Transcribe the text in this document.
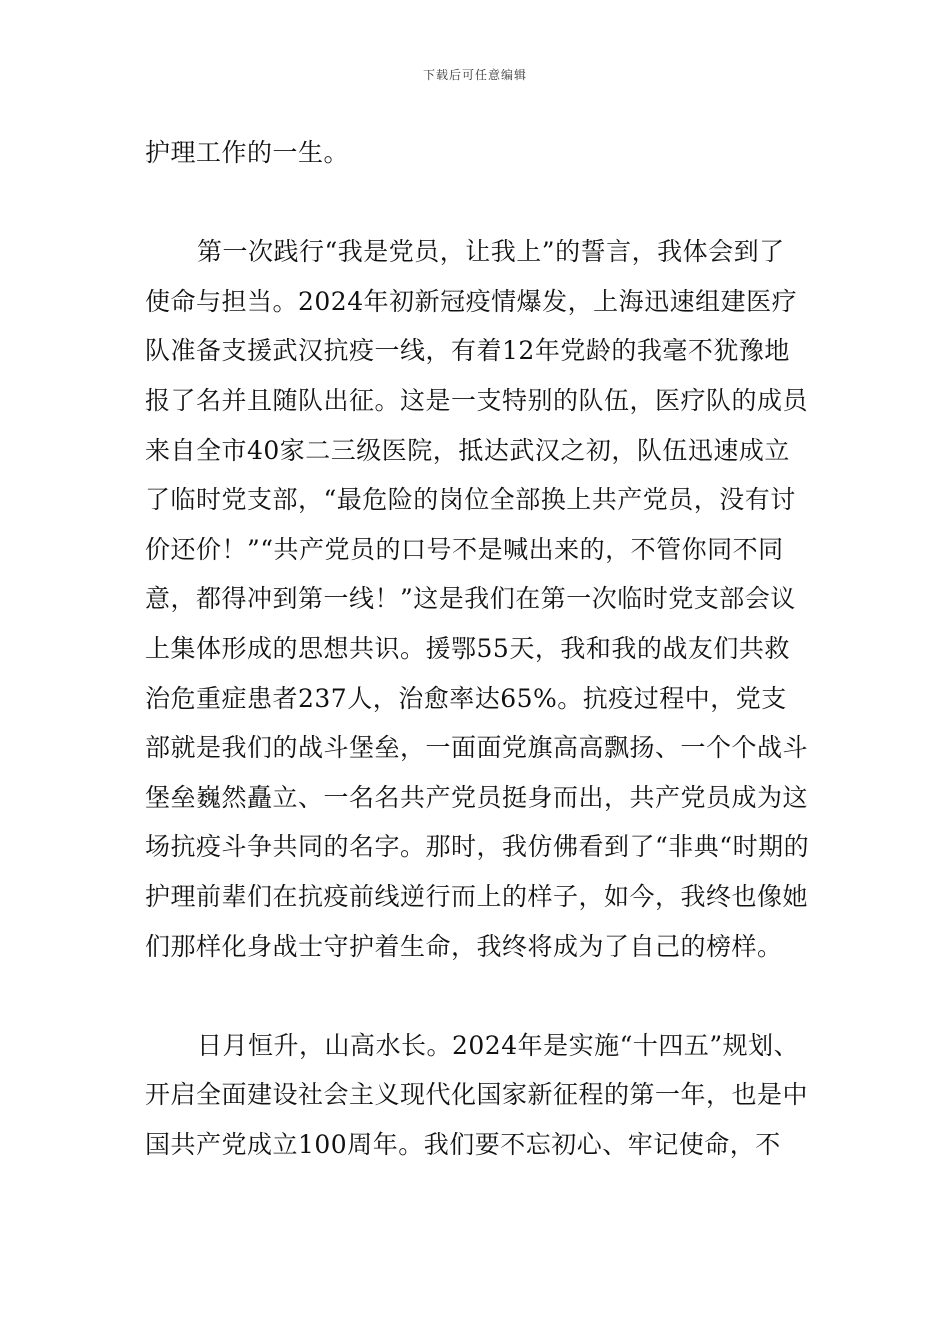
下载后可任意编辑

护理工作的一生。

第一次践行“我是党员，让我上”的誓言，我体会到了使命与担当。2024年初新冠疫情爆发，上海迅速组建医疗队准备支援武汉抗疫一线，有着12年党龄的我毫不犹豫地报了名并且随队出征。这是一支特别的队伍，医疗队的成员来自全市40家二三级医院，抵达武汉之初，队伍迅速成立了临时党支部，“最危险的岗位全部换上共产党员，没有讨价还价！”“共产党员的口号不是喊出来的，不管你同不同意，都得冲到第一线！”这是我们在第一次临时党支部会议上集体形成的思想共识。援鄂55天，我和我的战友们共救治危重症患者237人，治愈率达65%。抗疫过程中，党支部就是我们的战斗堡垒，一面面党旗高高飘扬、一个个战斗堡垒巍然矗立、一名名共产党员挺身而出，共产党员成为这场抗疫斗争共同的名字。那时，我仿佛看到了“非典“时期的护理前辈们在抗疫前线逆行而上的样子，如今，我终也像她们那样化身战士守护着生命，我终将成为了自己的榜样。

日月恒升，山高水长。2024年是实施“十四五”规划、开启全面建设社会主义现代化国家新征程的第一年，也是中国共产党成立100周年。我们要不忘初心、牢记使命，不
